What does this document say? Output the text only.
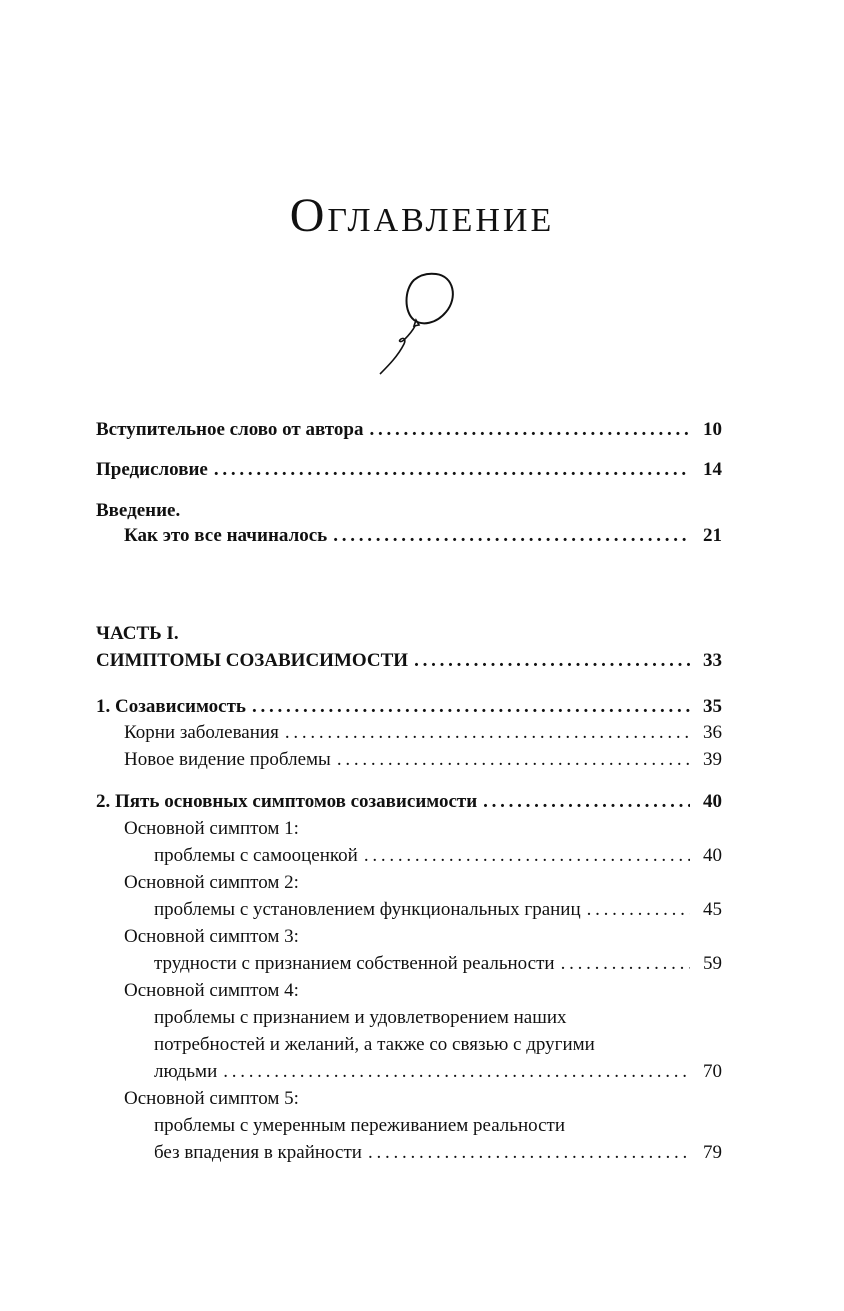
Оглавление
Вступительное слово от автора . . .	10
Предисловие . . .	14
Введение.
Как это все начиналось . . .	21
ЧАСТЬ I.
СИМПТОМЫ СОЗАВИСИМОСТИ . . .	33
1. Созависимость . . .	35
Корни заболевания . . .	36
Новое видение проблемы . . .	39
2. Пять основных симптомов созависимости . . .	40
Основной симптом 1:
проблемы с самооценкой . . .	40
Основной симптом 2:
проблемы с установлением функциональных границ . . .	45
Основной симптом 3:
трудности с признанием собственной реальности . . .	59
Основной симптом 4:
проблемы с признанием и удовлетворением наших
потребностей и желаний, а также со связью с другими
людьми . . .	70
Основной симптом 5:
проблемы с умеренным переживанием реальности
без впадения в крайности . . .	79
